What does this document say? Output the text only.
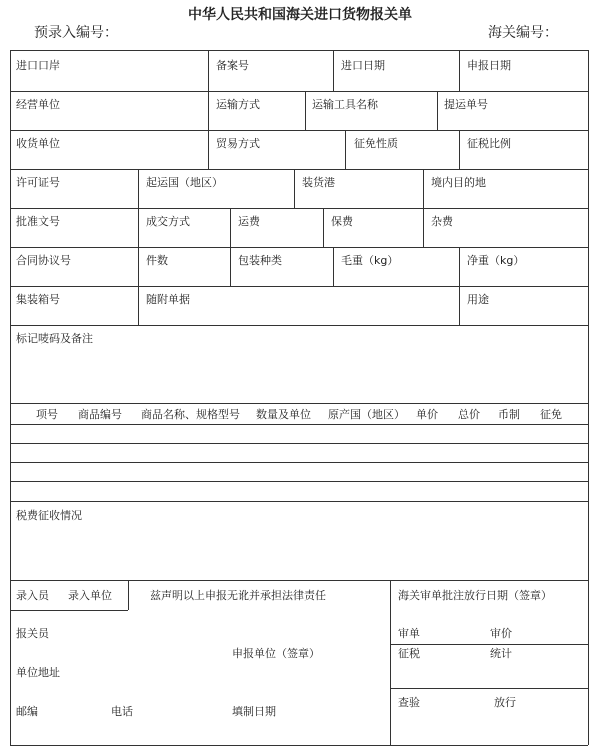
中华人民共和国海关进口货物报关单
预录入编号：	海关编号：
进口口岸	备案号	进口日期	申报日期
经营单位	运输方式	运输工具名称	提运单号
收货单位	贸易方式	征免性质	征税比例
许可证号	起运国（地区）	装货港	境内目的地
批准文号	成交方式	运费	保费	杂费
合同协议号	件数	包装种类	毛重（kg）	净重（kg）
集装箱号	随附单据	用途
标记唛码及备注
项号 商品编号 商品名称、规格型号 数量及单位 原产国（地区） 单价 总价 币制 征免
税费征收情况
录入员 录入单位	兹声明以上申报无讹并承担法律责任
报关员
申报单位（签章）
单位地址
邮编	电话	填制日期
海关审单批注放行日期（签章）
审单	审价
征税	统计
查验	放行
